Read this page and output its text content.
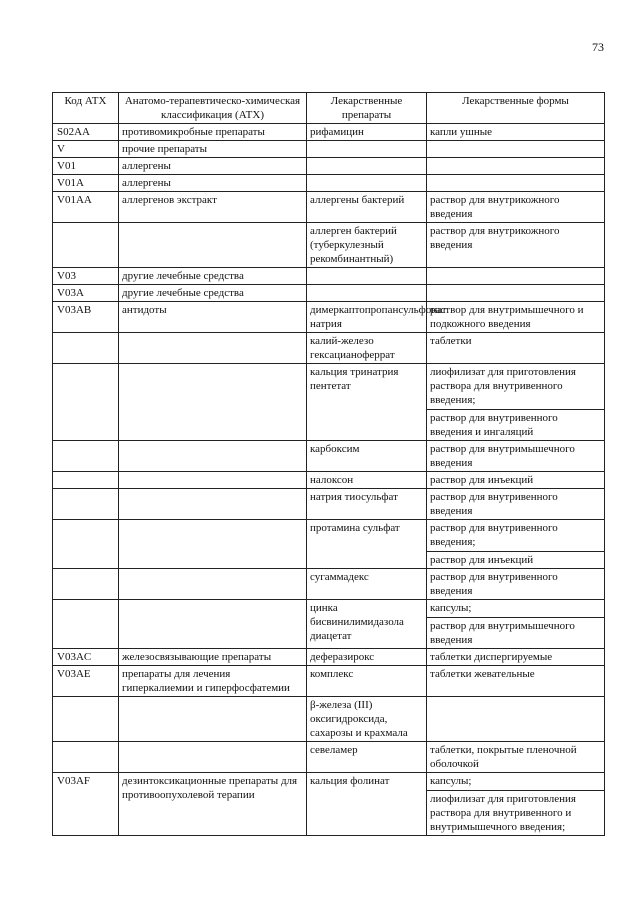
73
Код АТХ	Анатомо-терапевтическо-химическая классификация (АТХ)	Лекарственные препараты	Лекарственные формы
S02AA	противомикробные препараты	рифамицин	капли ушные

V	прочие препараты		
V01	аллергены		
V01A	аллергены		
V01AA	аллергенов экстракт	аллергены бактерий	раствор для внутрикожного введения

		аллерген бактерий (туберкулезный рекомбинантный)	раствор для внутрикожного введения

V03	другие лечебные средства		
V03A	другие лечебные средства		
V03AB	антидоты	димеркаптопропансульфонат натрия	раствор для внутримышечного и подкожного введения

		калий-железо гексацианоферрат	таблетки

		кальция тринатрия пентетат	лиофилизат для приготовления раствора для внутривенного введения;
раствор для внутривенного введения и ингаляций

		карбоксим	раствор для внутримышечного введения

		налоксон	раствор для инъекций

		натрия тиосульфат	раствор для внутривенного введения

		протамина сульфат	раствор для внутривенного введения;
раствор для инъекций

		сугаммадекс	раствор для внутривенного введения

		цинка бисвинилимидазола диацетат	капсулы;
раствор для внутримышечного введения

V03AC	железосвязывающие препараты	деферазирокс	таблетки диспергируемые

V03AE	препараты для лечения гиперкалиемии и гиперфосфатемии	комплекс	таблетки жевательные

		β-железа (III) оксигидроксида, сахарозы и крахмала	
		севеламер	таблетки, покрытые пленочной оболочкой

V03AF	дезинтоксикационные препараты для противоопухолевой терапии	кальция фолинат	капсулы;
лиофилизат для приготовления раствора для внутривенного и внутримышечного введения;
